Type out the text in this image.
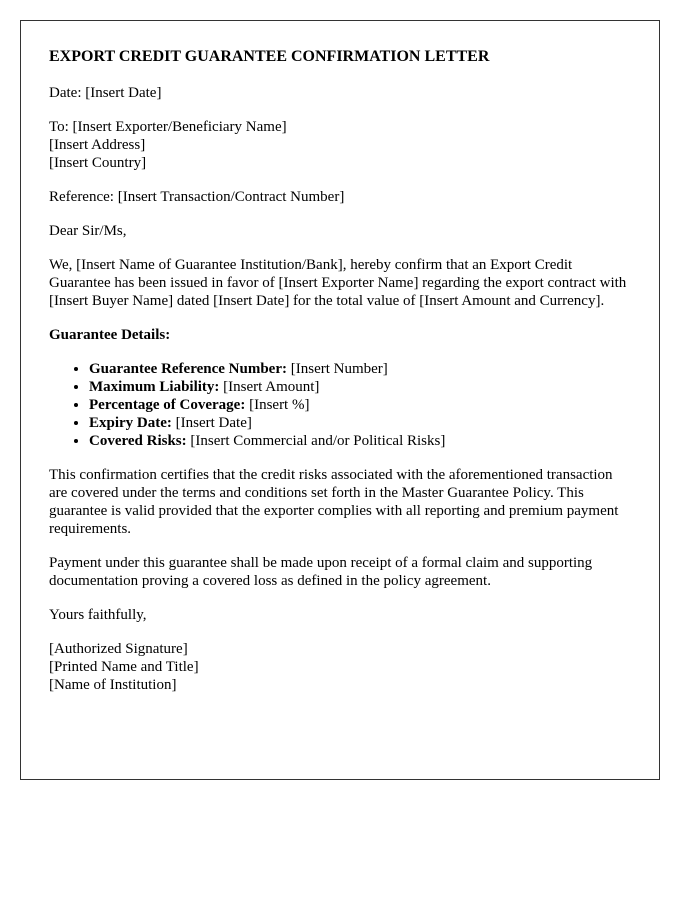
EXPORT CREDIT GUARANTEE CONFIRMATION LETTER

Date: [Insert Date]

To: [Insert Exporter/Beneficiary Name]
[Insert Address]
[Insert Country]

Reference: [Insert Transaction/Contract Number]

Dear Sir/Ms,

We, [Insert Name of Guarantee Institution/Bank], hereby confirm that an Export Credit Guarantee has been issued in favor of [Insert Exporter Name] regarding the export contract with [Insert Buyer Name] dated [Insert Date] for the total value of [Insert Amount and Currency].

Guarantee Details:

• Guarantee Reference Number: [Insert Number]
• Maximum Liability: [Insert Amount]
• Percentage of Coverage: [Insert %]
• Expiry Date: [Insert Date]
• Covered Risks: [Insert Commercial and/or Political Risks]

This confirmation certifies that the credit risks associated with the aforementioned transaction are covered under the terms and conditions set forth in the Master Guarantee Policy. This guarantee is valid provided that the exporter complies with all reporting and premium payment requirements.

Payment under this guarantee shall be made upon receipt of a formal claim and supporting documentation proving a covered loss as defined in the policy agreement.

Yours faithfully,

[Authorized Signature]
[Printed Name and Title]
[Name of Institution]
